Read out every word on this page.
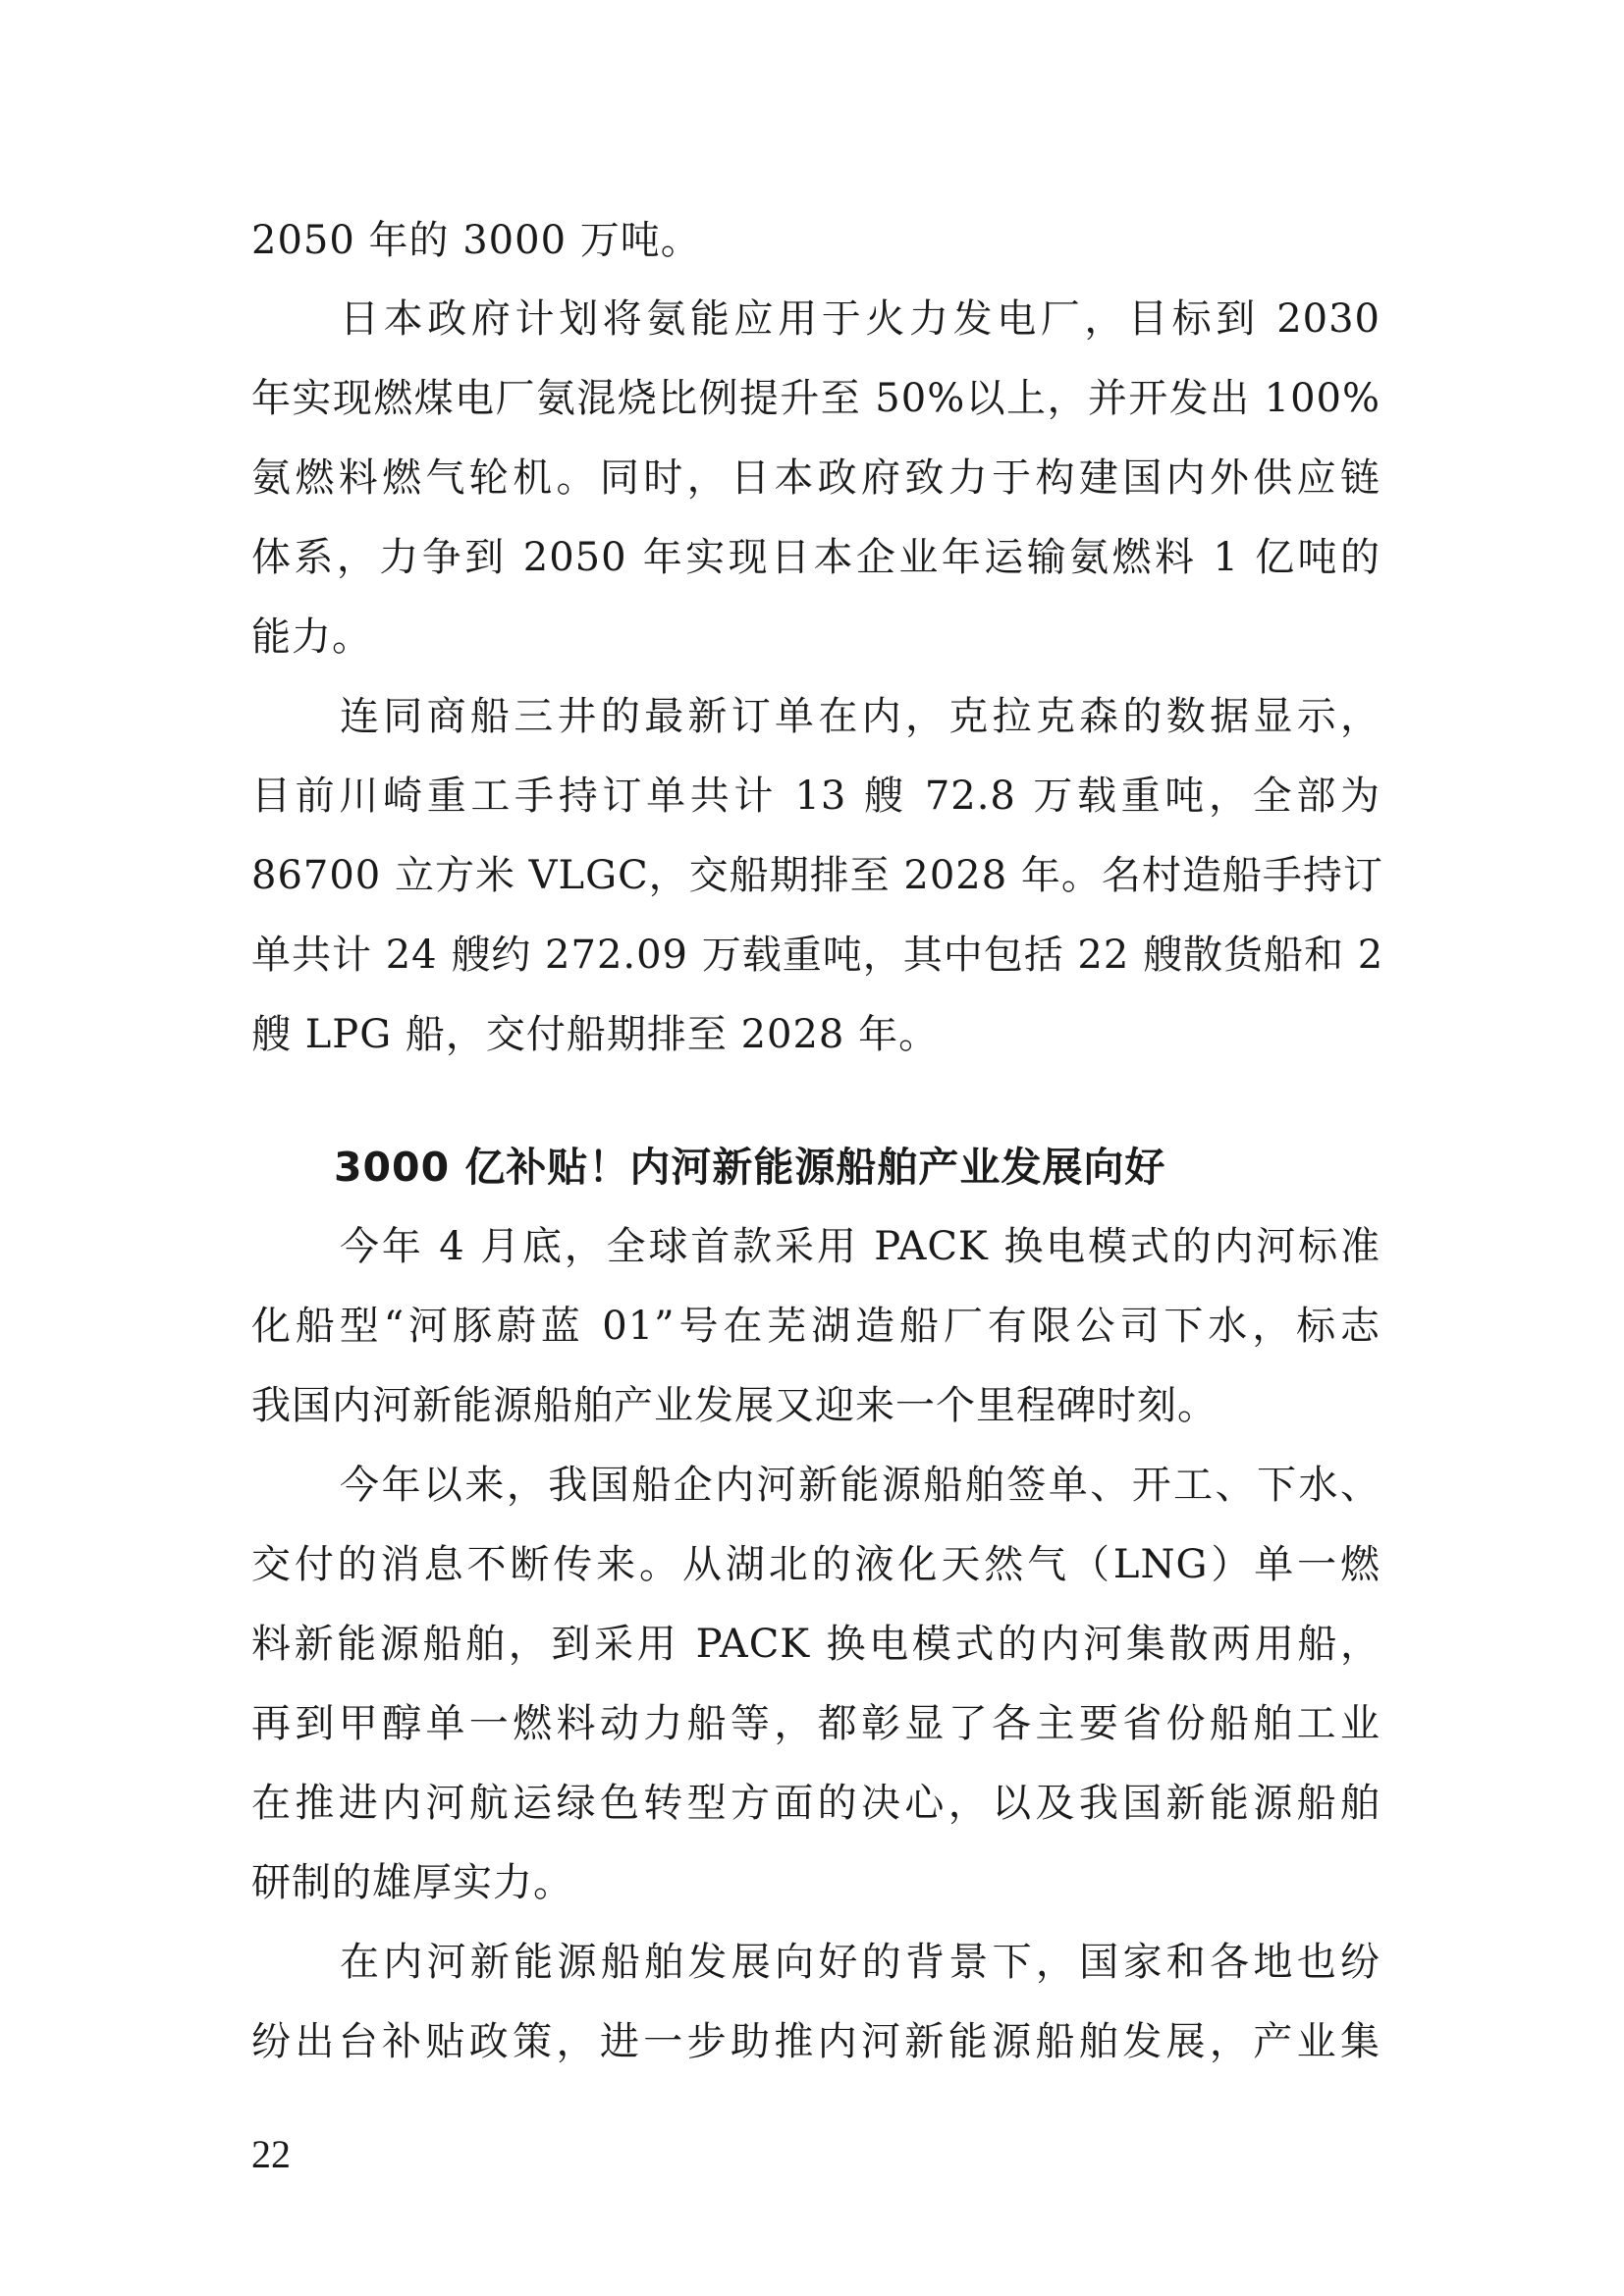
2050 年的 3000 万吨。
日本政府计划将氨能应用于火力发电厂，目标到 2030
年实现燃煤电厂氨混烧比例提升至 50%以上，并开发出 100%
氨燃料燃气轮机。同时，日本政府致力于构建国内外供应链
体系，力争到 2050 年实现日本企业年运输氨燃料 1 亿吨的
能力。
连同商船三井的最新订单在内，克拉克森的数据显示，
目前川崎重工手持订单共计 13 艘 72.8 万载重吨，全部为
86700 立方米 VLGC，交船期排至 2028 年。名村造船手持订
单共计 24 艘约 272.09 万载重吨，其中包括 22 艘散货船和 2
艘 LPG 船，交付船期排至 2028 年。
3000 亿补贴！内河新能源船舶产业发展向好
今年 4 月底，全球首款采用 PACK 换电模式的内河标准
化船型“河豚蔚蓝 01”号在芜湖造船厂有限公司下水，标志
我国内河新能源船舶产业发展又迎来一个里程碑时刻。
今年以来，我国船企内河新能源船舶签单、开工、下水、
交付的消息不断传来。从湖北的液化天然气（LNG）单一燃
料新能源船舶，到采用 PACK 换电模式的内河集散两用船，
再到甲醇单一燃料动力船等，都彰显了各主要省份船舶工业
在推进内河航运绿色转型方面的决心，以及我国新能源船舶
研制的雄厚实力。
在内河新能源船舶发展向好的背景下，国家和各地也纷
纷出台补贴政策，进一步助推内河新能源船舶发展，产业集
22
